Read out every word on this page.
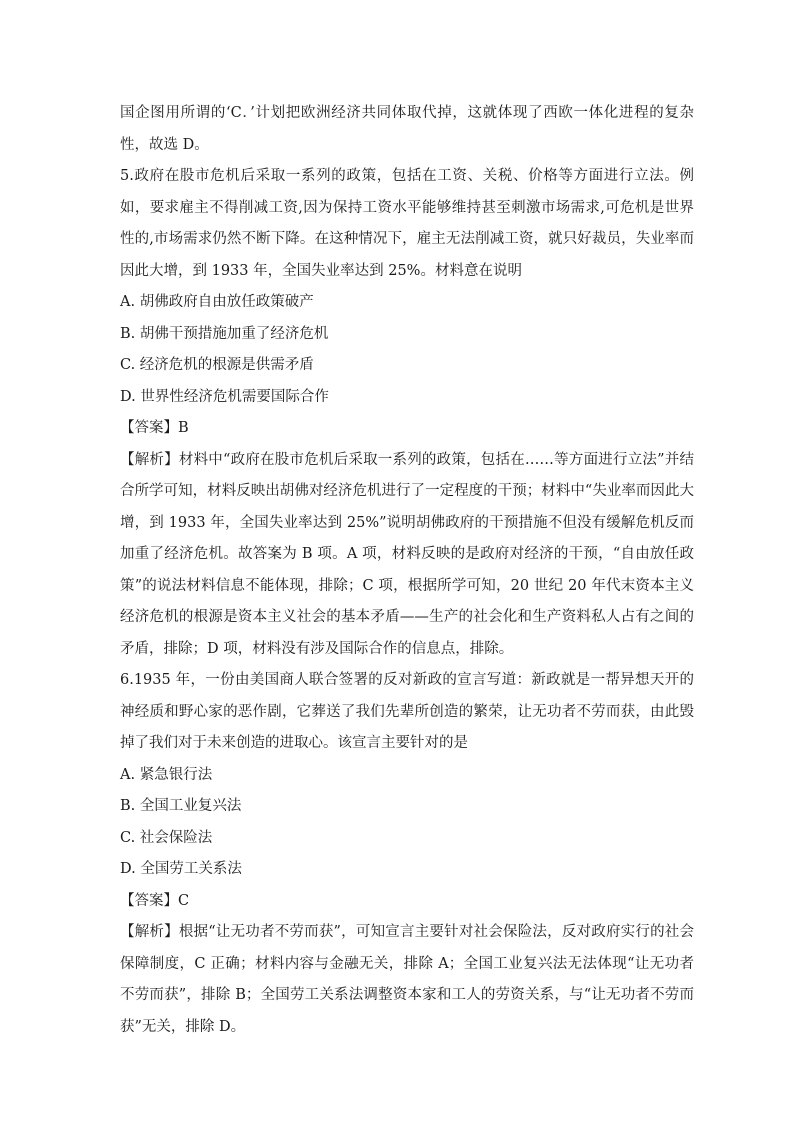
国企图用所谓的‘C．’计划把欧洲经济共同体取代掉，这就体现了西欧一体化进程的复杂性，故选 D。

5.政府在股市危机后采取一系列的政策，包括在工资、关税、价格等方面进行立法。例如，要求雇主不得削减工资,因为保持工资水平能够维持甚至刺激市场需求,可危机是世界性的,市场需求仍然不断下降。在这种情况下，雇主无法削减工资，就只好裁员，失业率而因此大增，到 1933 年，全国失业率达到 25%。材料意在说明

A. 胡佛政府自由放任政策破产

B. 胡佛干预措施加重了经济危机

C. 经济危机的根源是供需矛盾

D. 世界性经济危机需要国际合作

【答案】B

【解析】材料中“政府在股市危机后采取一系列的政策，包括在……等方面进行立法”并结合所学可知，材料反映出胡佛对经济危机进行了一定程度的干预；材料中“失业率而因此大增，到 1933 年，全国失业率达到 25%”说明胡佛政府的干预措施不但没有缓解危机反而加重了经济危机。故答案为 B 项。A 项，材料反映的是政府对经济的干预，“自由放任政策”的说法材料信息不能体现，排除；C 项，根据所学可知，20 世纪 20 年代末资本主义经济危机的根源是资本主义社会的基本矛盾——生产的社会化和生产资料私人占有之间的矛盾，排除；D 项，材料没有涉及国际合作的信息点，排除。

6.1935 年，一份由美国商人联合签署的反对新政的宣言写道：新政就是一帮异想天开的神经质和野心家的恶作剧，它葬送了我们先辈所创造的繁荣，让无功者不劳而获，由此毁掉了我们对于未来创造的进取心。该宣言主要针对的是

A. 紧急银行法

B. 全国工业复兴法

C. 社会保险法

D. 全国劳工关系法

【答案】C

【解析】根据“让无功者不劳而获”，可知宣言主要针对社会保险法，反对政府实行的社会保障制度，C 正确；材料内容与金融无关，排除 A；全国工业复兴法无法体现“让无功者不劳而获”，排除 B；全国劳工关系法调整资本家和工人的劳资关系，与“让无功者不劳而获”无关，排除 D。
